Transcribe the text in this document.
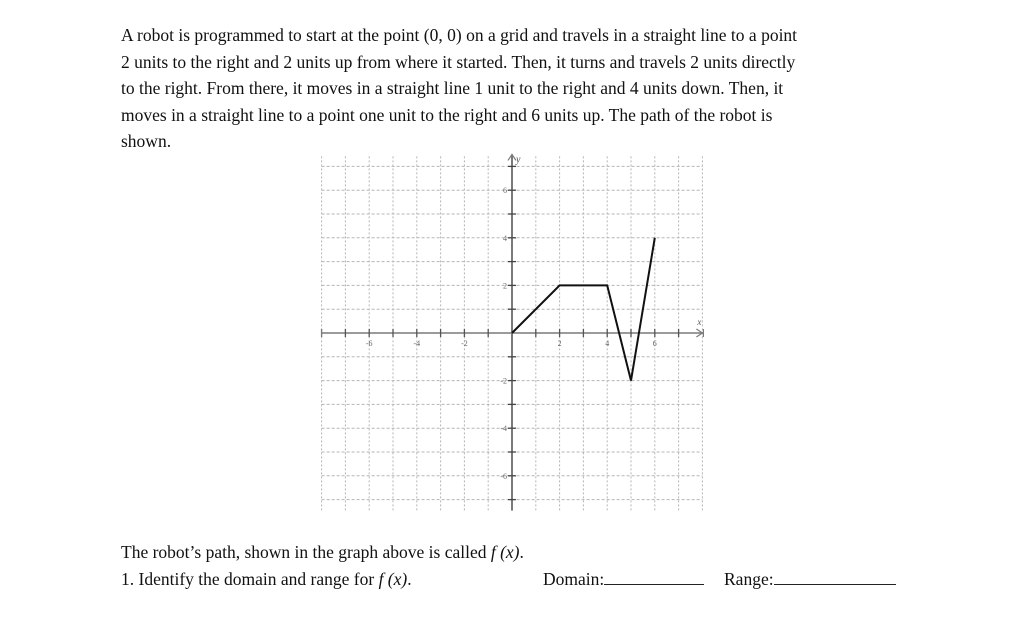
A robot is programmed to start at the point (0, 0) on a grid and travels in a straight line to a point
2 units to the right and 2 units up from where it started. Then, it turns and travels 2 units directly
to the right. From there, it moves in a straight line 1 unit to the right and 4 units down. Then, it
moves in a straight line to a point one unit to the right and 6 units up. The path of the robot is
shown.
x
y
-6	-4	-2	2	4	6
-6
-4
-2
2
4
6
The robot’s path, shown in the graph above is called f (x).
1. Identify the domain and range for f (x).	Domain:	Range:
